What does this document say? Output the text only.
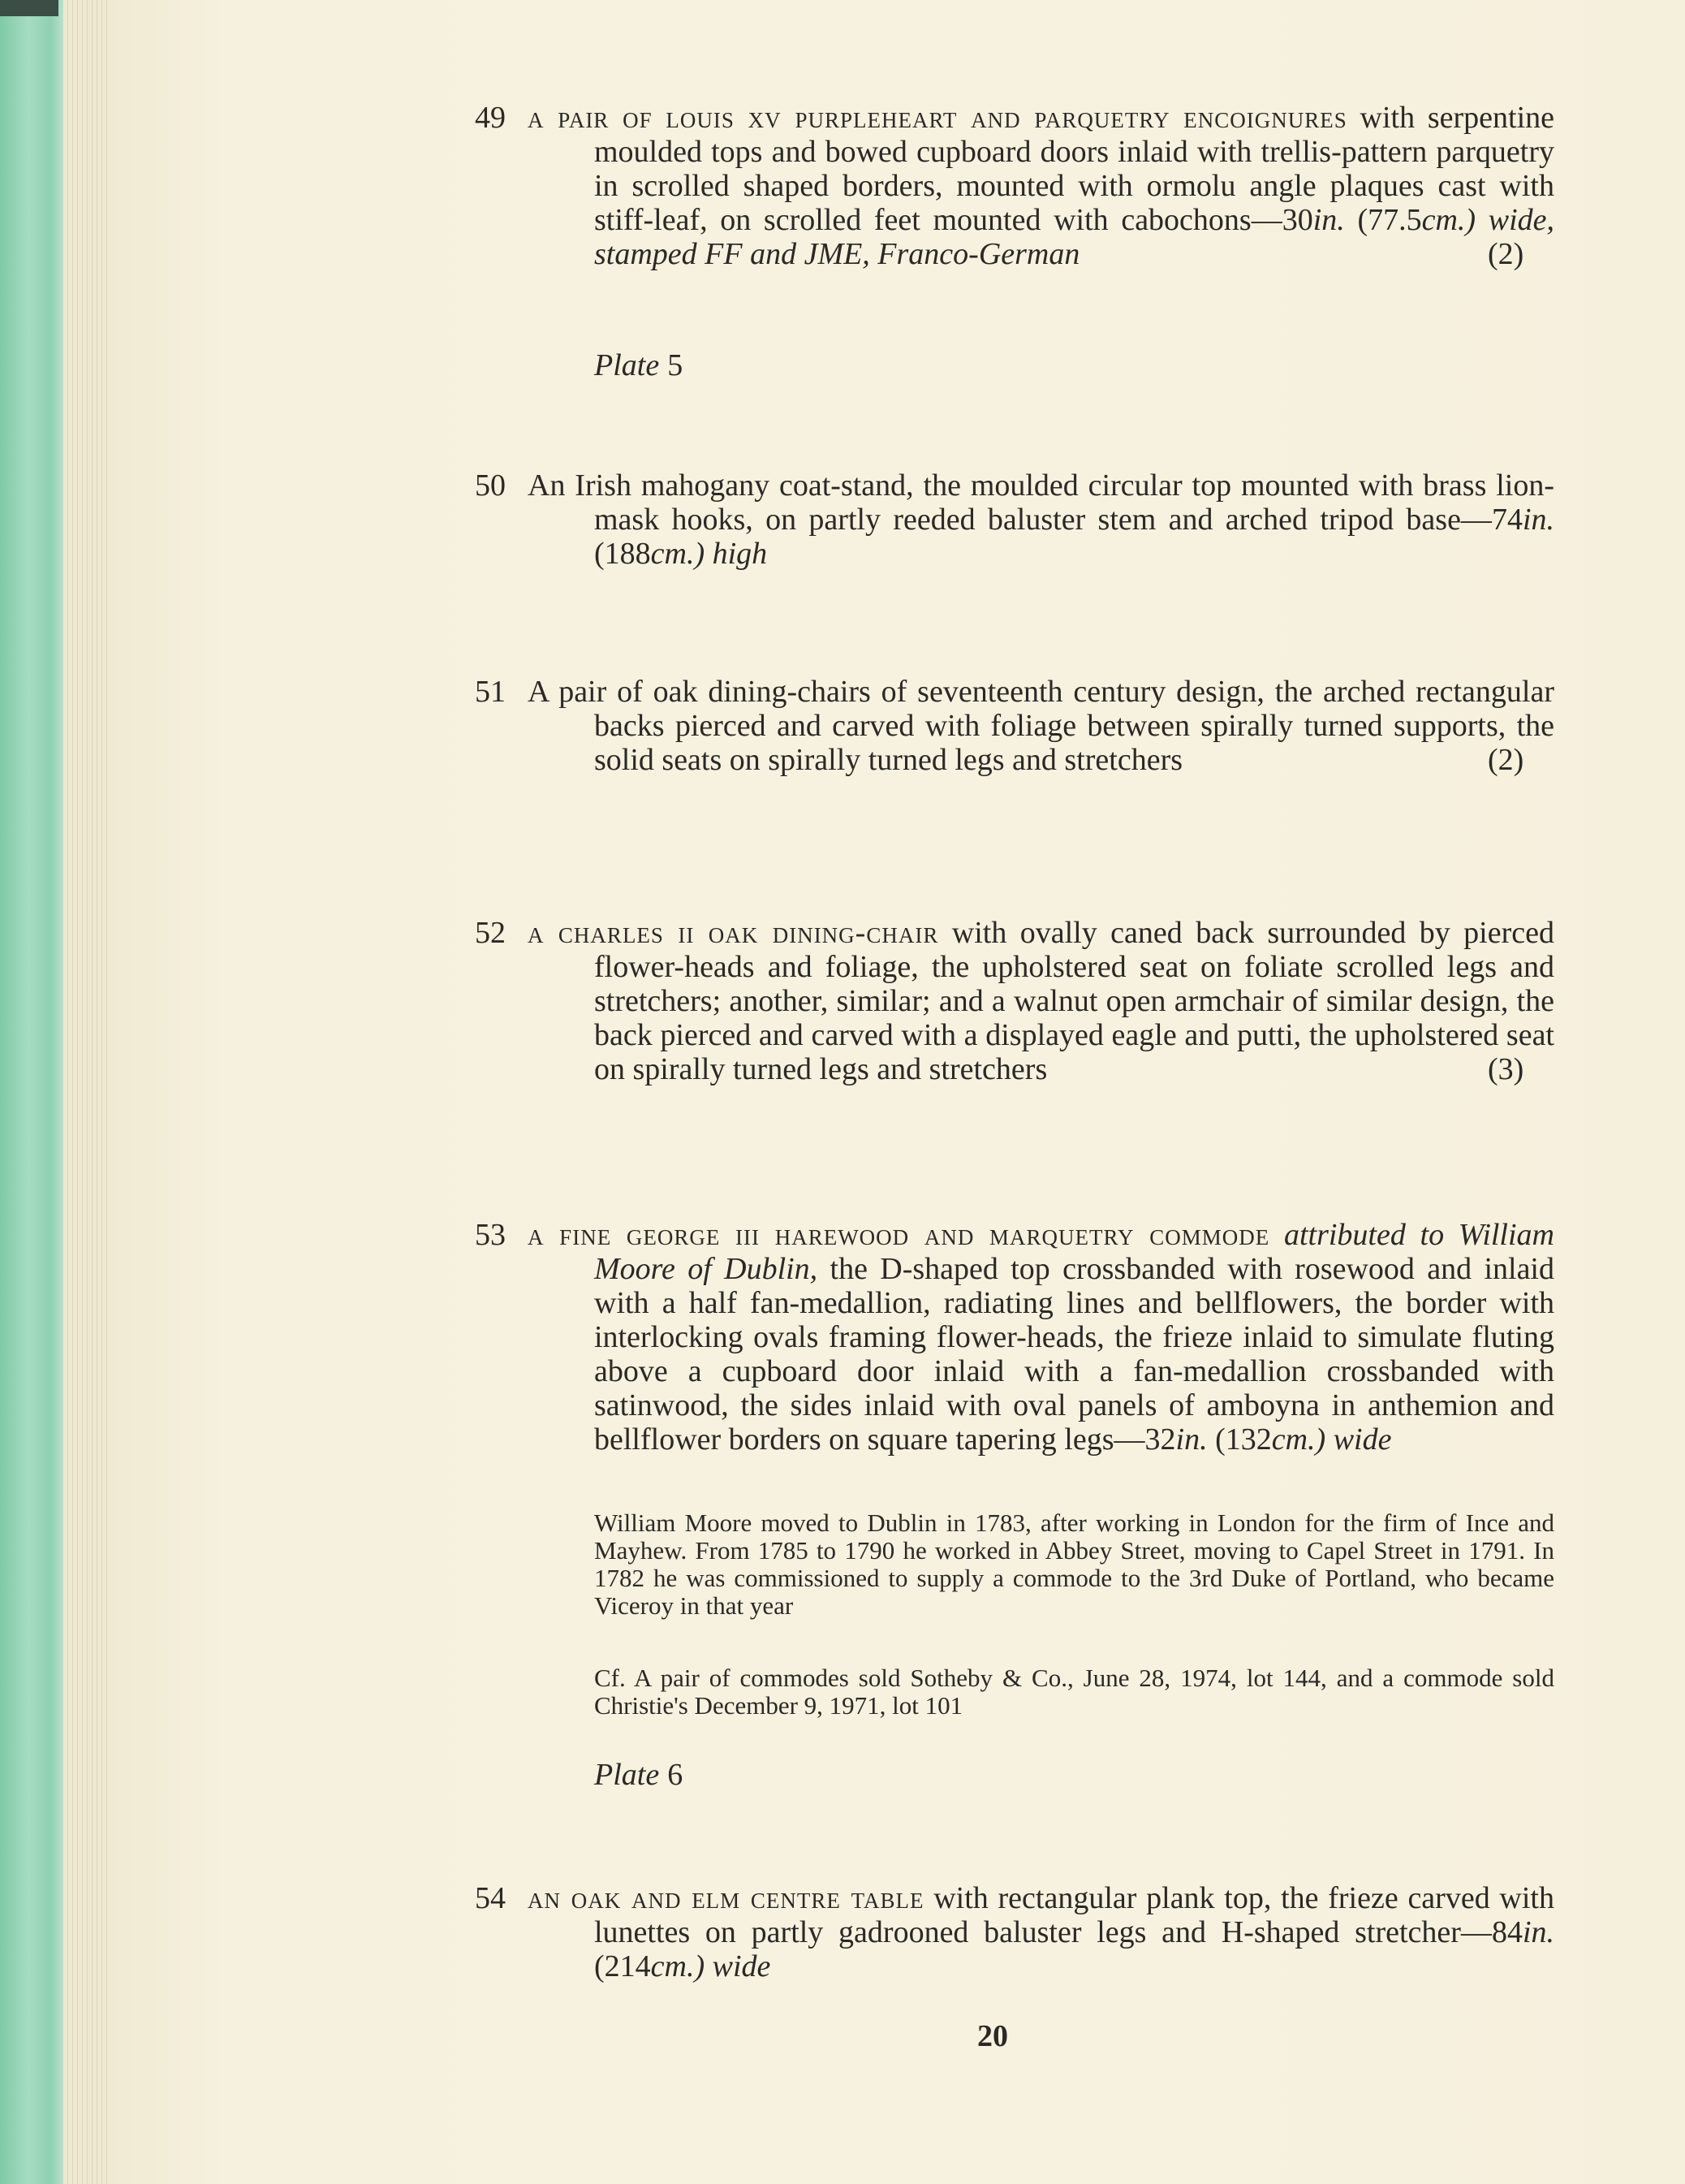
49 a pair of louis xv purpleheart and parquetry encoignures with serpentine moulded tops and bowed cupboard doors inlaid with trellis-pattern parquetry in scrolled shaped borders, mounted with ormolu angle plaques cast with stiff-leaf, on scrolled feet mounted with cabochons—30in. (77.5cm.) wide, stamped FF and JME, Franco-German	(2)
Plate 5
50 An Irish mahogany coat-stand, the moulded circular top mounted with brass lion-mask hooks, on partly reeded baluster stem and arched tripod base—74in. (188cm.) high
51 A pair of oak dining-chairs of seventeenth century design, the arched rectangular backs pierced and carved with foliage between spirally turned supports, the solid seats on spirally turned legs and stretchers	(2)
52 a charles ii oak dining-chair with ovally caned back surrounded by pierced flower-heads and foliage, the upholstered seat on foliate scrolled legs and stretchers; another, similar; and a walnut open armchair of similar design, the back pierced and carved with a displayed eagle and putti, the upholstered seat on spirally turned legs and stretchers	(3)
53 a fine george iii harewood and marquetry commode attributed to William Moore of Dublin, the D-shaped top crossbanded with rosewood and inlaid with a half fan-medallion, radiating lines and bellflowers, the border with interlocking ovals framing flower-heads, the frieze inlaid to simulate fluting above a cupboard door inlaid with a fan-medallion crossbanded with satinwood, the sides inlaid with oval panels of amboyna in anthemion and bellflower borders on square tapering legs—32in. (132cm.) wide
William Moore moved to Dublin in 1783, after working in London for the firm of Ince and Mayhew. From 1785 to 1790 he worked in Abbey Street, moving to Capel Street in 1791. In 1782 he was commissioned to supply a commode to the 3rd Duke of Portland, who became Viceroy in that year
Cf. A pair of commodes sold Sotheby & Co., June 28, 1974, lot 144, and a commode sold Christie's December 9, 1971, lot 101
Plate 6
54 an oak and elm centre table with rectangular plank top, the frieze carved with lunettes on partly gadrooned baluster legs and H-shaped stretcher—84in. (214cm.) wide
20
